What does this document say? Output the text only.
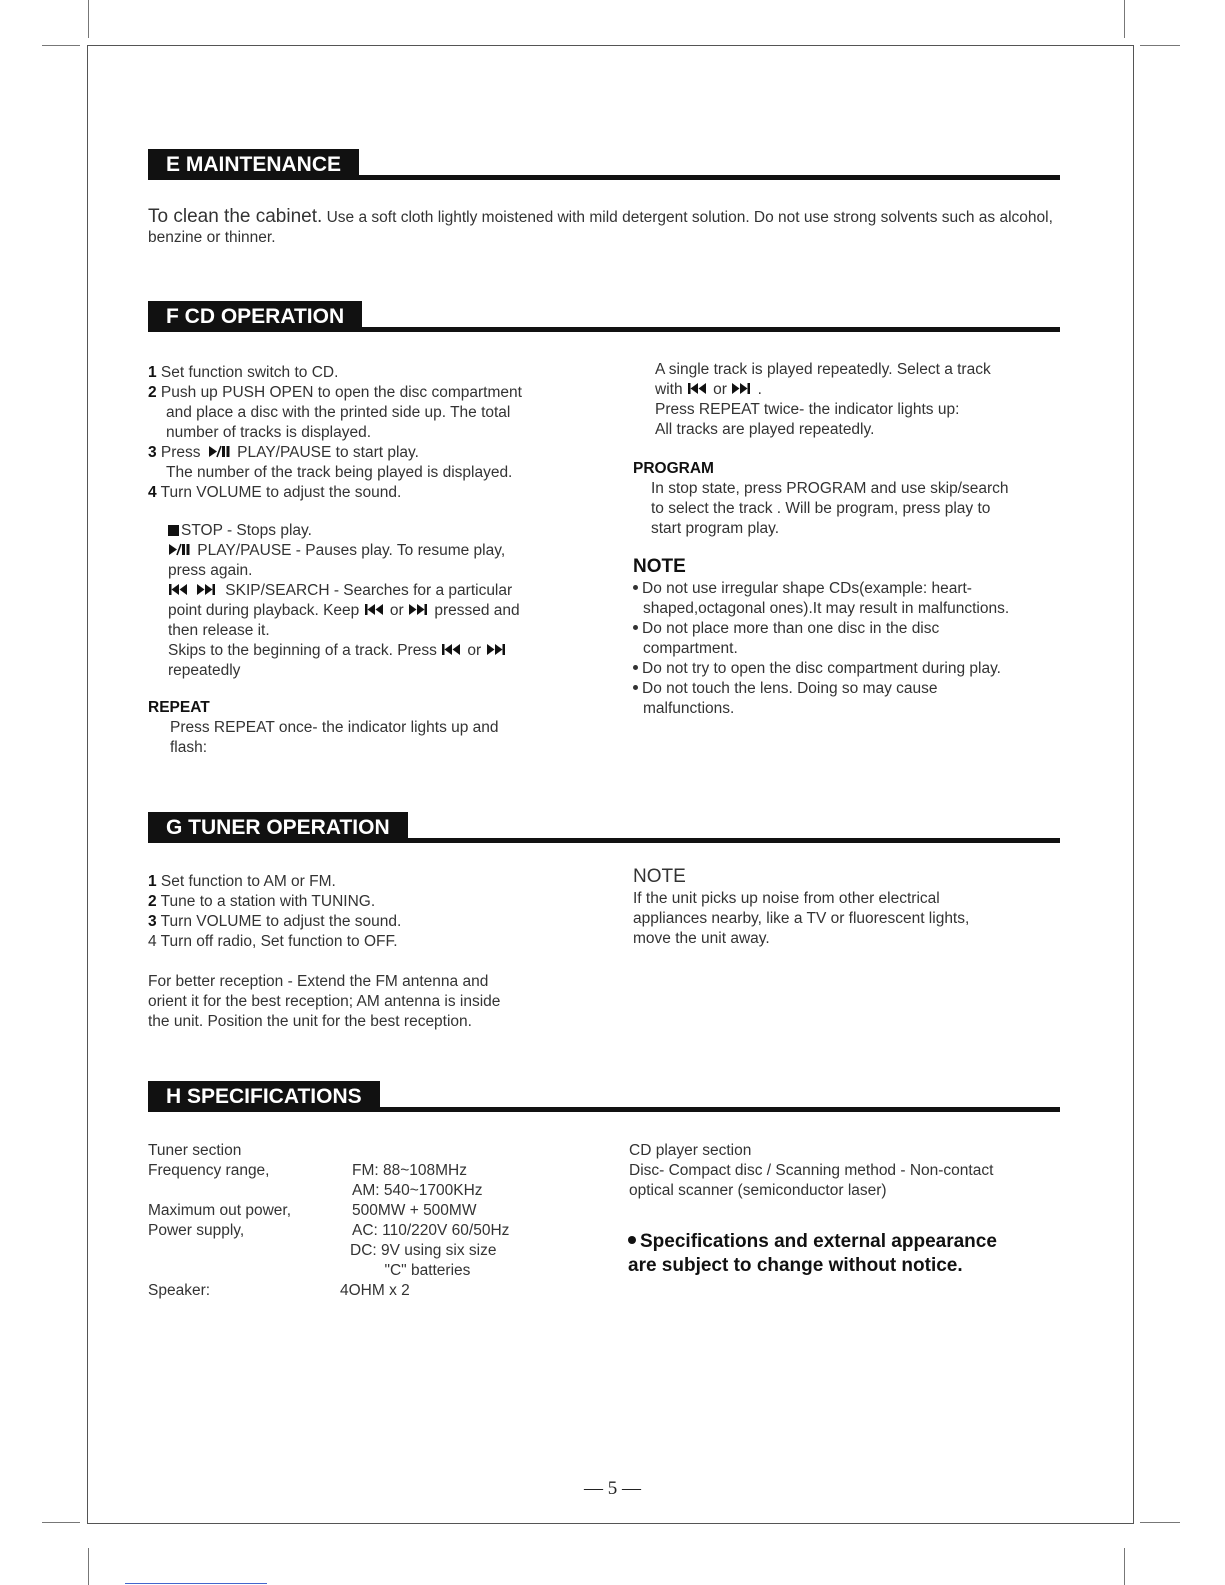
E MAINTENANCE
To clean the cabinet. Use a soft cloth lightly moistened with mild detergent solution. Do not use strong solvents such as alcohol, benzine or thinner.
F CD OPERATION

1 Set function switch to CD.

2 Push up PUSH OPEN to open the disc compartment

and place a disc with the printed side up. The total

number of tracks is displayed.

3 Press
PLAY/PAUSE to start play.

The number of the track being played is displayed.

4 Turn VOLUME to adjust the sound.

STOP - Stops play.

PLAY/PAUSE - Pauses play. To resume play,

press again.

SKIP/SEARCH - Searches for a particular

point during playback. Keep
or
pressed and

then release it.

Skips to the beginning of a track. Press
or

repeatedly

REPEAT

Press REPEAT once- the indicator lights up and

flash:

A single track is played repeatedly. Select a track

with
or
.

Press REPEAT twice- the indicator lights up:

All tracks are played repeatedly.

PROGRAM

In stop state, press PROGRAM and use skip/search

to select the track . Will be program, press play to

start program play.

NOTE

Do not use irregular shape CDs(example: heart-

shaped,octagonal ones).It may result in malfunctions.

Do not place more than one disc in the disc

compartment.

Do not try to open the disc compartment during play.

Do not touch the lens. Doing so may cause

malfunctions.

G TUNER OPERATION

1 Set function to AM or FM.

2 Tune to a station with TUNING.

3 Turn VOLUME to adjust the sound.

4 Turn off radio, Set function to OFF.

For better reception - Extend the FM antenna and

orient it for the best reception; AM antenna is inside

the unit. Position the unit for the best reception.

NOTE

If the unit picks up noise from other electrical

appliances nearby, like a TV or fluorescent lights,

move the unit away.

H SPECIFICATIONS
Tuner section
Frequency range,	FM: 88~108MHz
AM: 540~1700KHz
Maximum out power,	500MW + 500MW
Power supply,	AC: 110/220V 60/50Hz
DC: 9V using six size
"C" batteries
Speaker:	4OHM x 2

CD player section

Disc- Compact disc / Scanning method - Non-contact

optical scanner (semiconductor laser)

Specifications and external appearance
are subject to change without notice.
— 5 —
